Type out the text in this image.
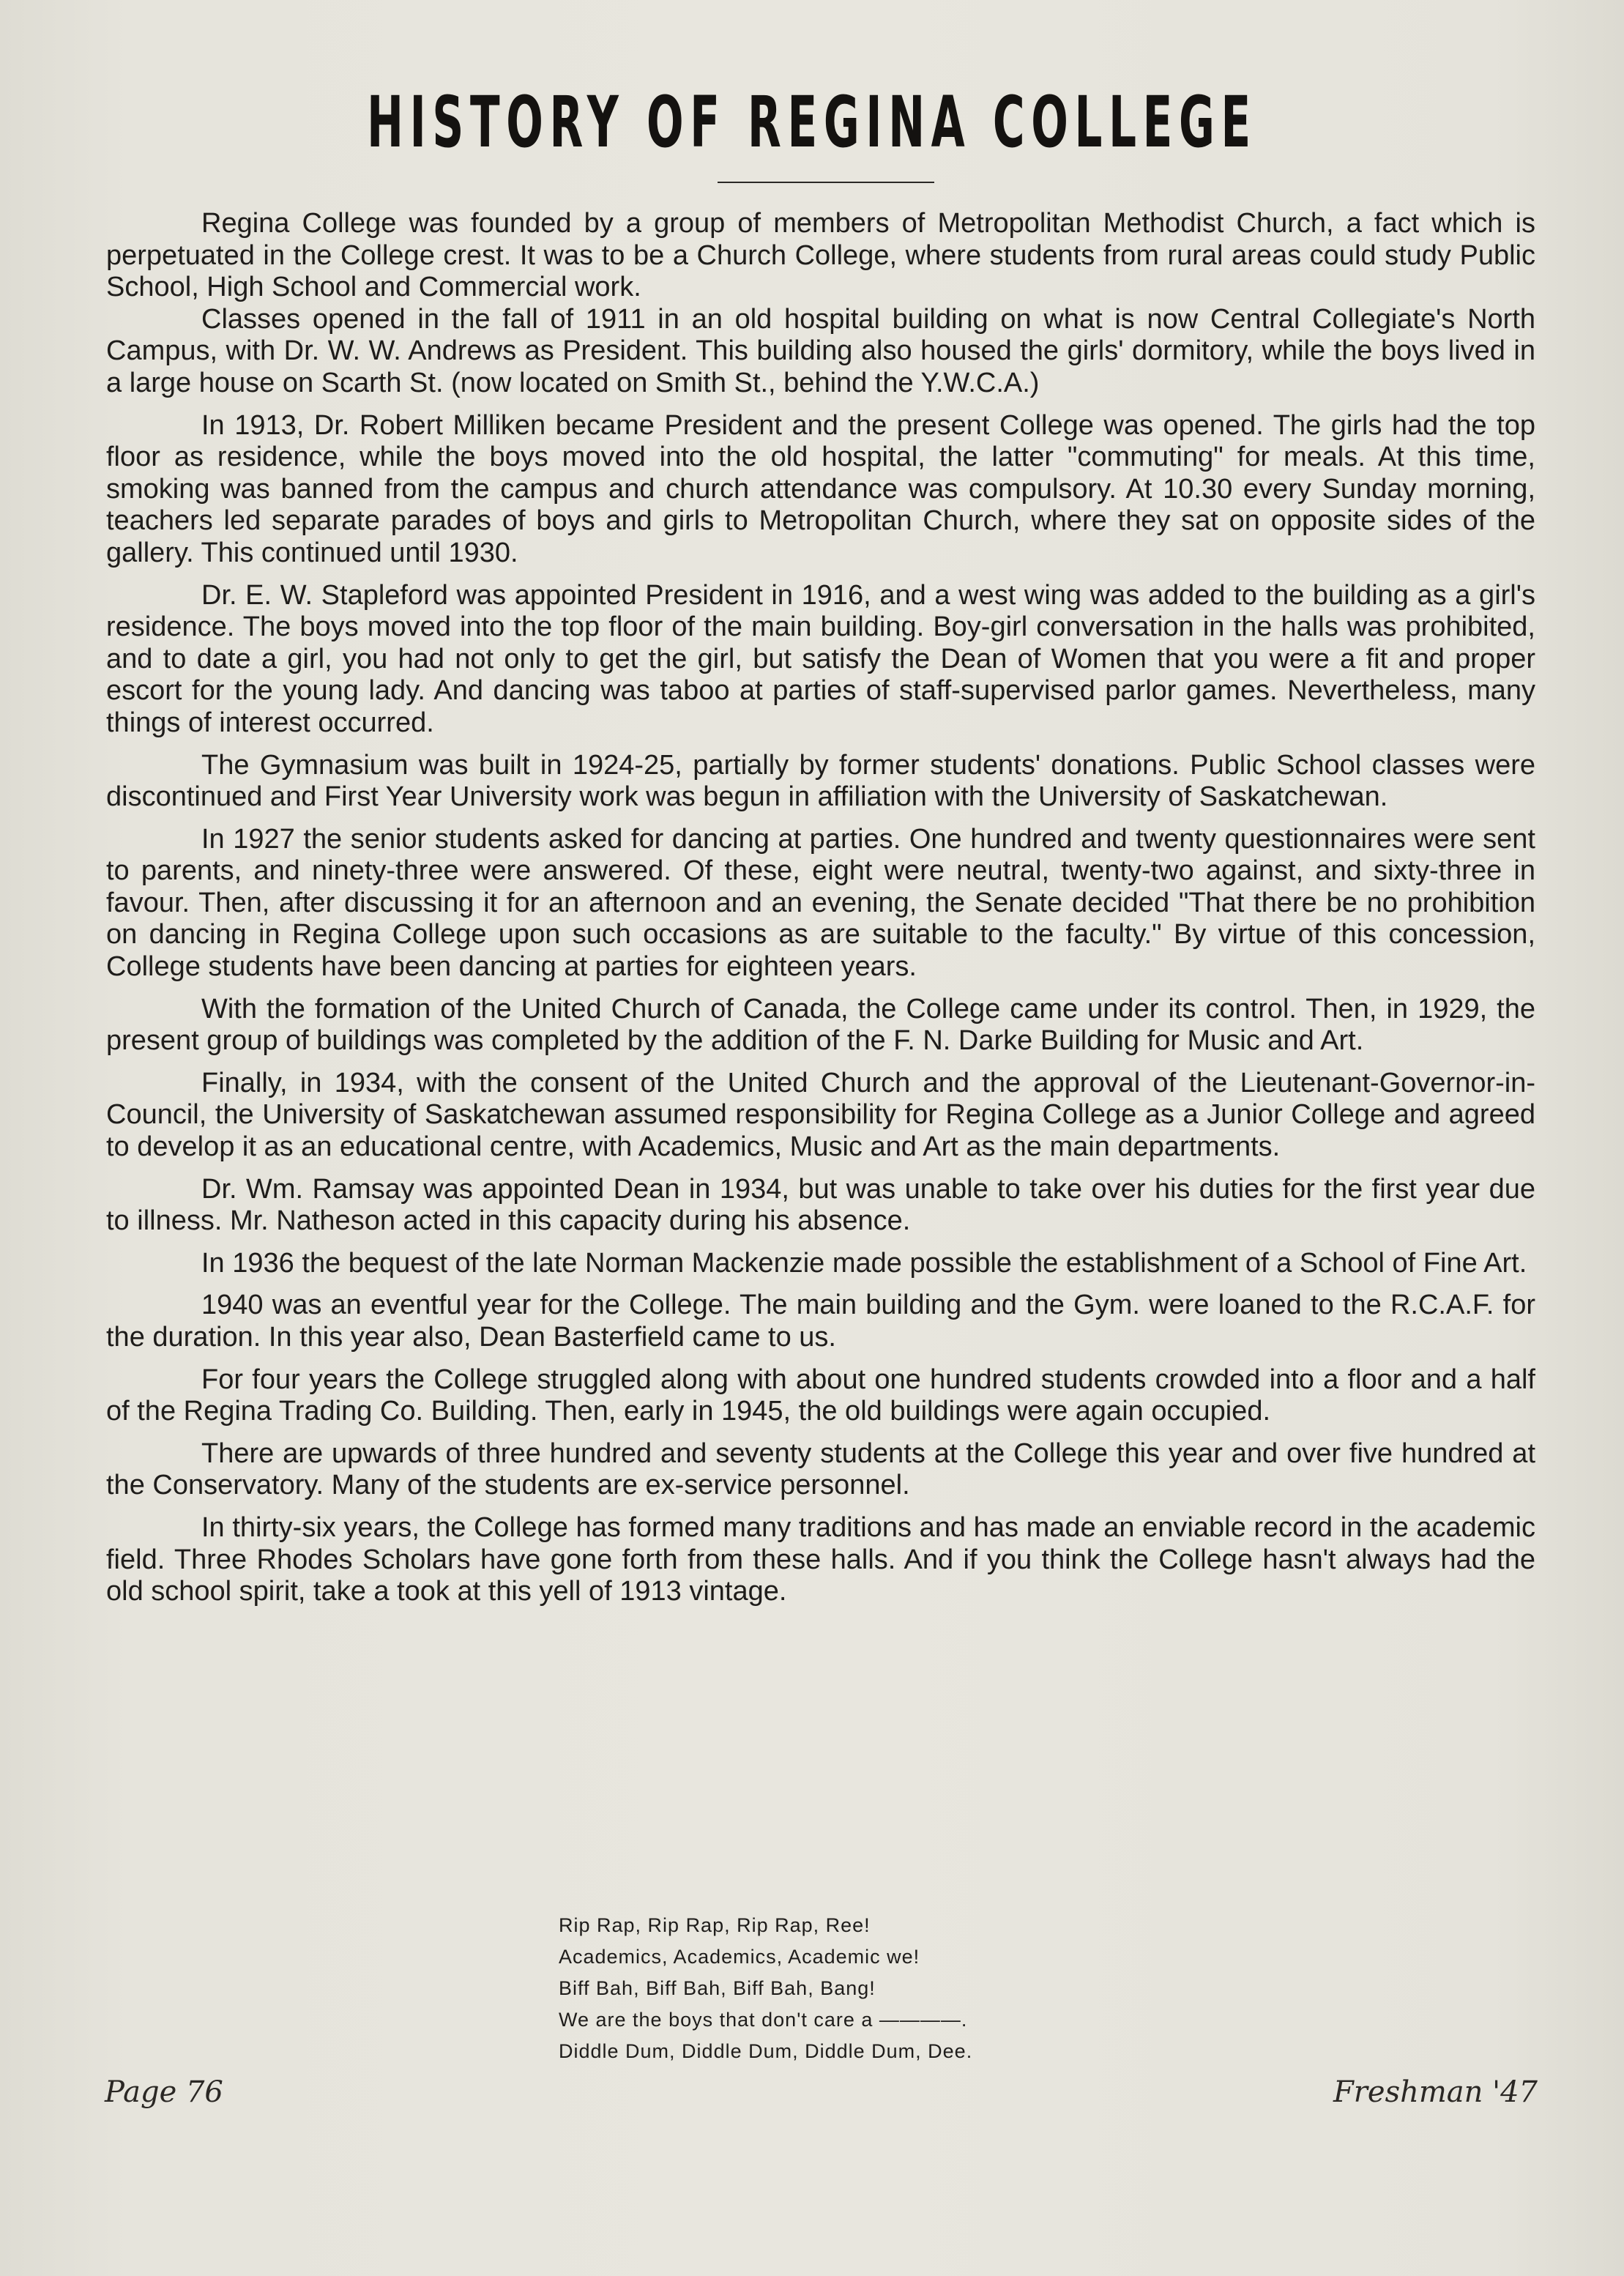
HISTORY OF REGINA COLLEGE

Regina College was founded by a group of members of Metropolitan Methodist Church, a fact which is perpetuated in the College crest. It was to be a Church College, where students from rural areas could study Public School, High School and Commercial work.

Classes opened in the fall of 1911 in an old hospital building on what is now Central Collegiate's North Campus, with Dr. W. W. Andrews as President. This building also housed the girls' dormitory, while the boys lived in a large house on Scarth St. (now located on Smith St., behind the Y.W.C.A.)

In 1913, Dr. Robert Milliken became President and the present College was opened. The girls had the top floor as residence, while the boys moved into the old hospital, the latter "commuting" for meals. At this time, smoking was banned from the campus and church attendance was compulsory. At 10.30 every Sunday morning, teachers led separate parades of boys and girls to Metropolitan Church, where they sat on opposite sides of the gallery. This continued until 1930.

Dr. E. W. Stapleford was appointed President in 1916, and a west wing was added to the building as a girl's residence. The boys moved into the top floor of the main building. Boy-girl conversation in the halls was prohibited, and to date a girl, you had not only to get the girl, but satisfy the Dean of Women that you were a fit and proper escort for the young lady. And dancing was taboo at parties of staff-supervised parlor games. Nevertheless, many things of interest occurred.

The Gymnasium was built in 1924-25, partially by former students' donations. Public School classes were discontinued and First Year University work was begun in affiliation with the University of Saskatchewan.

In 1927 the senior students asked for dancing at parties. One hundred and twenty questionnaires were sent to parents, and ninety-three were answered. Of these, eight were neutral, twenty-two against, and sixty-three in favour. Then, after discussing it for an afternoon and an evening, the Senate decided "That there be no prohibition on dancing in Regina College upon such occasions as are suitable to the faculty." By virtue of this concession, College students have been dancing at parties for eighteen years.

With the formation of the United Church of Canada, the College came under its control. Then, in 1929, the present group of buildings was completed by the addition of the F. N. Darke Building for Music and Art.

Finally, in 1934, with the consent of the United Church and the approval of the Lieutenant-Governor-in-Council, the University of Saskatchewan assumed responsibility for Regina College as a Junior College and agreed to develop it as an educational centre, with Academics, Music and Art as the main departments.

Dr. Wm. Ramsay was appointed Dean in 1934, but was unable to take over his duties for the first year due to illness. Mr. Natheson acted in this capacity during his absence.

In 1936 the bequest of the late Norman Mackenzie made possible the establishment of a School of Fine Art.

1940 was an eventful year for the College. The main building and the Gym. were loaned to the R.C.A.F. for the duration. In this year also, Dean Basterfield came to us.

For four years the College struggled along with about one hundred students crowded into a floor and a half of the Regina Trading Co. Building. Then, early in 1945, the old buildings were again occupied.

There are upwards of three hundred and seventy students at the College this year and over five hundred at the Conservatory. Many of the students are ex-service personnel.

In thirty-six years, the College has formed many traditions and has made an enviable record in the academic field. Three Rhodes Scholars have gone forth from these halls. And if you think the College hasn't always had the old school spirit, take a took at this yell of 1913 vintage.

Rip Rap, Rip Rap, Rip Rap, Ree!
Academics, Academics, Academic we!
Biff Bah, Biff Bah, Biff Bah, Bang!
We are the boys that don't care a ————.
Diddle Dum, Diddle Dum, Diddle Dum, Dee.
Page 76	Freshman '47
